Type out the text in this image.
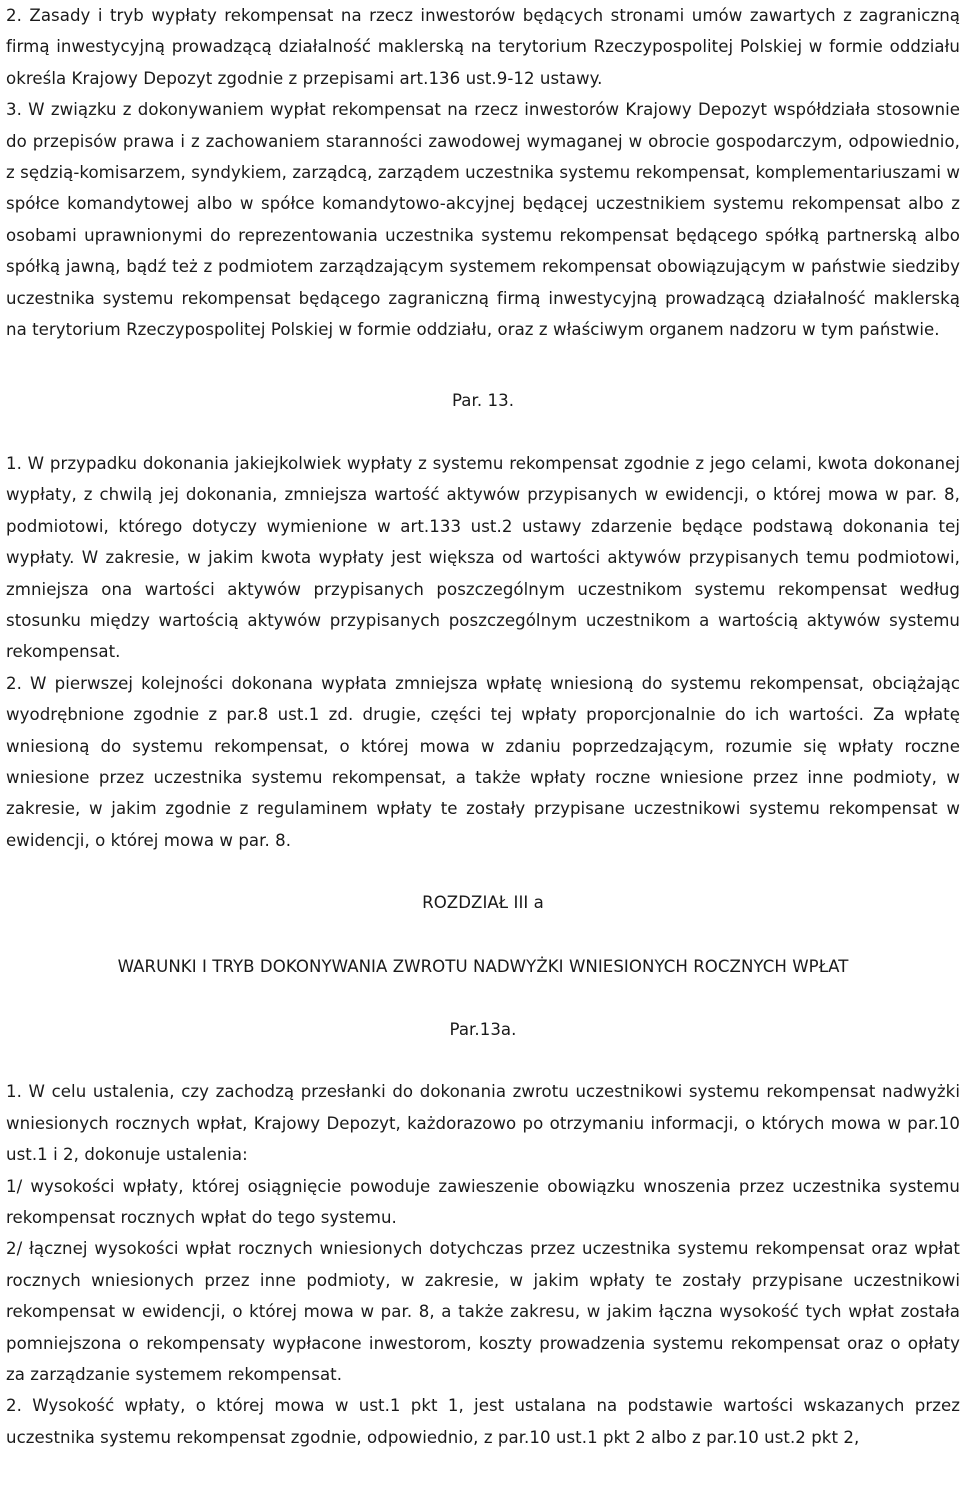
2. Zasady i tryb wypłaty rekompensat na rzecz inwestorów będących stronami umów zawartych z zagraniczną firmą inwestycyjną prowadzącą działalność maklerską na terytorium Rzeczypospolitej Polskiej w formie oddziału określa Krajowy Depozyt zgodnie z przepisami art.136 ust.9-12 ustawy.

3. W związku z dokonywaniem wypłat rekompensat na rzecz inwestorów Krajowy Depozyt współdziała stosownie do przepisów prawa i z zachowaniem staranności zawodowej wymaganej w obrocie gospodarczym, odpowiednio, z sędzią-komisarzem, syndykiem, zarządcą, zarządem uczestnika systemu rekompensat, komplementariuszami w spółce komandytowej albo w spółce komandytowo-akcyjnej będącej uczestnikiem systemu rekompensat albo z osobami uprawnionymi do reprezentowania uczestnika systemu rekompensat będącego spółką partnerską albo spółką jawną, bądź też z podmiotem zarządzającym systemem rekompensat obowiązującym w państwie siedziby uczestnika systemu rekompensat będącego zagraniczną firmą inwestycyjną prowadzącą działalność maklerską na terytorium Rzeczypospolitej Polskiej w formie oddziału, oraz z właściwym organem nadzoru w tym państwie.

Par. 13.

1. W przypadku dokonania jakiejkolwiek wypłaty z systemu rekompensat zgodnie z jego celami, kwota dokonanej wypłaty, z chwilą jej dokonania, zmniejsza wartość aktywów przypisanych w ewidencji, o której mowa w par. 8, podmiotowi, którego dotyczy wymienione w art.133 ust.2 ustawy zdarzenie będące podstawą dokonania tej wypłaty. W zakresie, w jakim kwota wypłaty jest większa od wartości aktywów przypisanych temu podmiotowi, zmniejsza ona wartości aktywów przypisanych poszczególnym uczestnikom systemu rekompensat według stosunku między wartością aktywów przypisanych poszczególnym uczestnikom a wartością aktywów systemu rekompensat.

2. W pierwszej kolejności dokonana wypłata zmniejsza wpłatę wniesioną do systemu rekompensat, obciążając wyodrębnione zgodnie z par.8 ust.1 zd. drugie, części tej wpłaty proporcjonalnie do ich wartości. Za wpłatę wniesioną do systemu rekompensat, o której mowa w zdaniu poprzedzającym, rozumie się wpłaty roczne wniesione przez uczestnika systemu rekompensat, a także wpłaty roczne wniesione przez inne podmioty, w zakresie, w jakim zgodnie z regulaminem wpłaty te zostały przypisane uczestnikowi systemu rekompensat w ewidencji, o której mowa w par. 8.

ROZDZIAŁ III a

WARUNKI I TRYB DOKONYWANIA ZWROTU NADWYŻKI WNIESIONYCH ROCZNYCH WPŁAT

Par.13a.

1. W celu ustalenia, czy zachodzą przesłanki do dokonania zwrotu uczestnikowi systemu rekompensat nadwyżki wniesionych rocznych wpłat, Krajowy Depozyt, każdorazowo po otrzymaniu informacji, o których mowa w par.10 ust.1 i 2, dokonuje ustalenia:

1/ wysokości wpłaty, której osiągnięcie powoduje zawieszenie obowiązku wnoszenia przez uczestnika systemu rekompensat rocznych wpłat do tego systemu.

2/ łącznej wysokości wpłat rocznych wniesionych dotychczas przez uczestnika systemu rekompensat oraz wpłat rocznych wniesionych przez inne podmioty, w zakresie, w jakim wpłaty te zostały przypisane uczestnikowi rekompensat w ewidencji, o której mowa w par. 8, a także zakresu, w jakim łączna wysokość tych wpłat została pomniejszona o rekompensaty wypłacone inwestorom, koszty prowadzenia systemu rekompensat oraz o opłaty za zarządzanie systemem rekompensat.

2. Wysokość wpłaty, o której mowa w ust.1 pkt 1, jest ustalana na podstawie wartości wskazanych przez uczestnika systemu rekompensat zgodnie, odpowiednio, z par.10 ust.1 pkt 2 albo z par.10 ust.2 pkt 2,
